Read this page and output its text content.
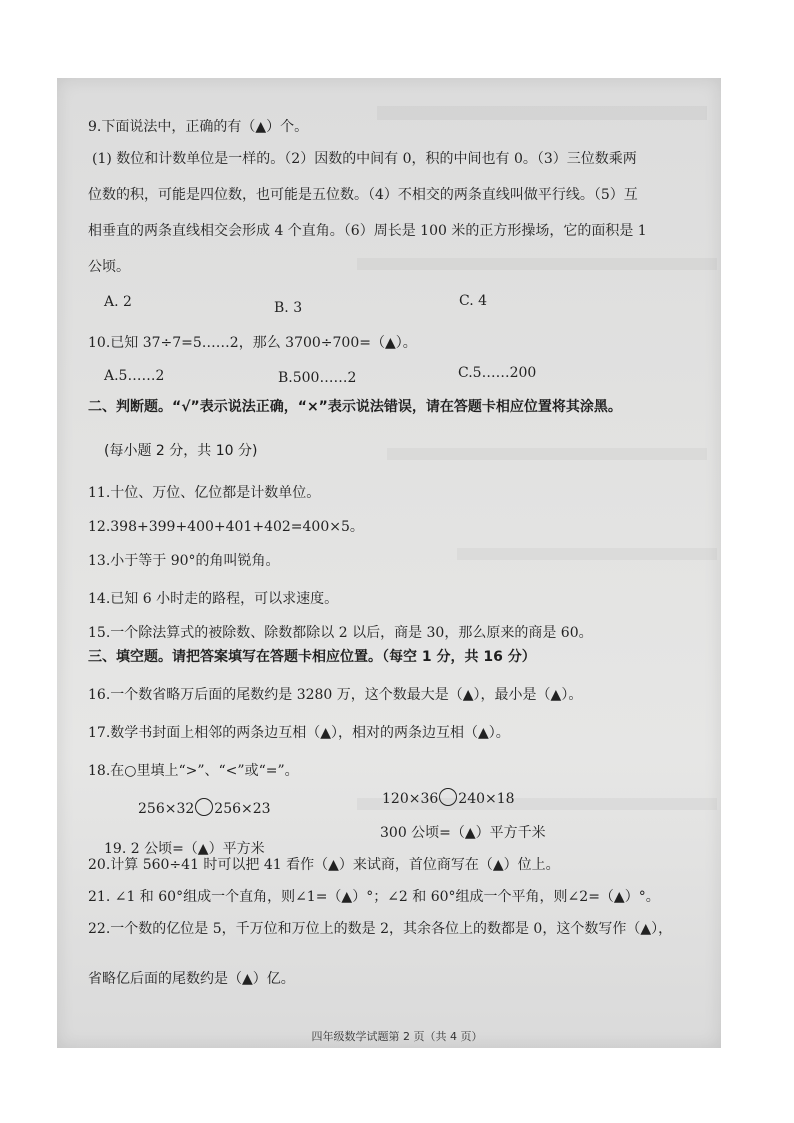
9.下面说法中，正确的有（▲）个。
(1) 数位和计数单位是一样的。（2）因数的中间有 0，积的中间也有 0。（3）三位数乘两
位数的积，可能是四位数，也可能是五位数。（4）不相交的两条直线叫做平行线。（5）互
相垂直的两条直线相交会形成 4 个直角。（6）周长是 100 米的正方形操场，它的面积是 1
公顷。
A. 2	B. 3	C. 4
10.已知 37÷7=5……2，那么 3700÷700=（▲）。
A.5……2	B.500……2	C.5……200
二、判断题。“√”表示说法正确，“×”表示说法错误，请在答题卡相应位置将其涂黑。
(每小题 2 分，共 10 分)
11.十位、万位、亿位都是计数单位。
12.398+399+400+401+402=400×5。
13.小于等于 90°的角叫锐角。
14.已知 6 小时走的路程，可以求速度。
15.一个除法算式的被除数、除数都除以 2 以后，商是 30，那么原来的商是 60。
三、填空题。请把答案填写在答题卡相应位置。（每空 1 分，共 16 分）
16.一个数省略万后面的尾数约是 3280 万，这个数最大是（▲），最小是（▲）。
17.数学书封面上相邻的两条边互相（▲），相对的两条边互相（▲）。
18.在○里填上“>”、“<”或“=”。
256×32 256×23
120×36 240×18
19. 2 公顷=（▲）平方米
300 公顷=（▲）平方千米
20.计算 560÷41 时可以把 41 看作（▲）来试商，首位商写在（▲）位上。
21. ∠1 和 60°组成一个直角，则∠1=（▲）°；∠2 和 60°组成一个平角，则∠2=（▲）°。
22.一个数的亿位是 5，千万位和万位上的数是 2，其余各位上的数都是 0，这个数写作（▲），
省略亿后面的尾数约是（▲）亿。
四年级数学试题第 2 页（共 4 页）
